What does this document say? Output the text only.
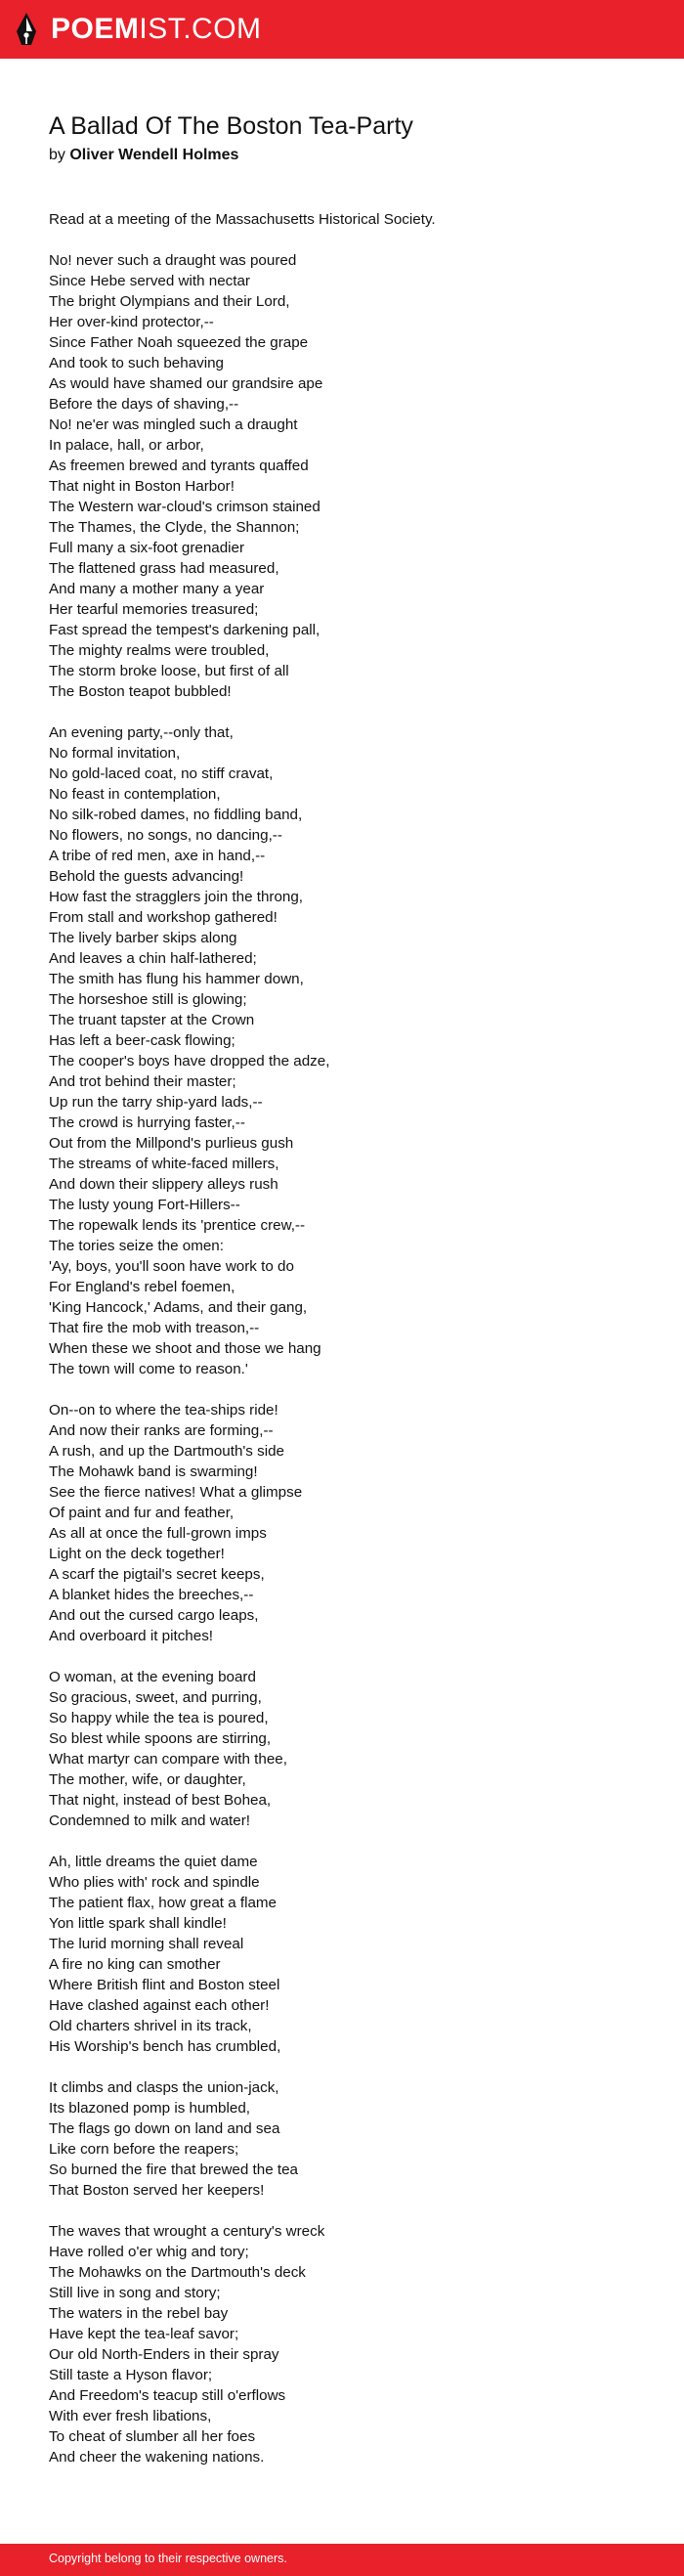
POEMIST.COM
A Ballad Of The Boston Tea-Party
by Oliver Wendell Holmes
Read at a meeting of the Massachusetts Historical Society.
No! never such a draught was poured
Since Hebe served with nectar
The bright Olympians and their Lord,
Her over-kind protector,--
Since Father Noah squeezed the grape
And took to such behaving
As would have shamed our grandsire ape
Before the days of shaving,--
No! ne'er was mingled such a draught
In palace, hall, or arbor,
As freemen brewed and tyrants quaffed
That night in Boston Harbor!
The Western war-cloud's crimson stained
The Thames, the Clyde, the Shannon;
Full many a six-foot grenadier
The flattened grass had measured,
And many a mother many a year
Her tearful memories treasured;
Fast spread the tempest's darkening pall,
The mighty realms were troubled,
The storm broke loose, but first of all
The Boston teapot bubbled!
An evening party,--only that,
No formal invitation,
No gold-laced coat, no stiff cravat,
No feast in contemplation,
No silk-robed dames, no fiddling band,
No flowers, no songs, no dancing,--
A tribe of red men, axe in hand,--
Behold the guests advancing!
How fast the stragglers join the throng,
From stall and workshop gathered!
The lively barber skips along
And leaves a chin half-lathered;
The smith has flung his hammer down,
The horseshoe still is glowing;
The truant tapster at the Crown
Has left a beer-cask flowing;
The cooper's boys have dropped the adze,
And trot behind their master;
Up run the tarry ship-yard lads,--
The crowd is hurrying faster,--
Out from the Millpond's purlieus gush
The streams of white-faced millers,
And down their slippery alleys rush
The lusty young Fort-Hillers--
The ropewalk lends its 'prentice crew,--
The tories seize the omen:
'Ay, boys, you'll soon have work to do
For England's rebel foemen,
'King Hancock,' Adams, and their gang,
That fire the mob with treason,--
When these we shoot and those we hang
The town will come to reason.'
On--on to where the tea-ships ride!
And now their ranks are forming,--
A rush, and up the Dartmouth's side
The Mohawk band is swarming!
See the fierce natives! What a glimpse
Of paint and fur and feather,
As all at once the full-grown imps
Light on the deck together!
A scarf the pigtail's secret keeps,
A blanket hides the breeches,--
And out the cursed cargo leaps,
And overboard it pitches!
O woman, at the evening board
So gracious, sweet, and purring,
So happy while the tea is poured,
So blest while spoons are stirring,
What martyr can compare with thee,
The mother, wife, or daughter,
That night, instead of best Bohea,
Condemned to milk and water!
Ah, little dreams the quiet dame
Who plies with' rock and spindle
The patient flax, how great a flame
Yon little spark shall kindle!
The lurid morning shall reveal
A fire no king can smother
Where British flint and Boston steel
Have clashed against each other!
Old charters shrivel in its track,
His Worship's bench has crumbled,
It climbs and clasps the union-jack,
Its blazoned pomp is humbled,
The flags go down on land and sea
Like corn before the reapers;
So burned the fire that brewed the tea
That Boston served her keepers!
The waves that wrought a century's wreck
Have rolled o'er whig and tory;
The Mohawks on the Dartmouth's deck
Still live in song and story;
The waters in the rebel bay
Have kept the tea-leaf savor;
Our old North-Enders in their spray
Still taste a Hyson flavor;
And Freedom's teacup still o'erflows
With ever fresh libations,
To cheat of slumber all her foes
And cheer the wakening nations.
Copyright belong to their respective owners.
